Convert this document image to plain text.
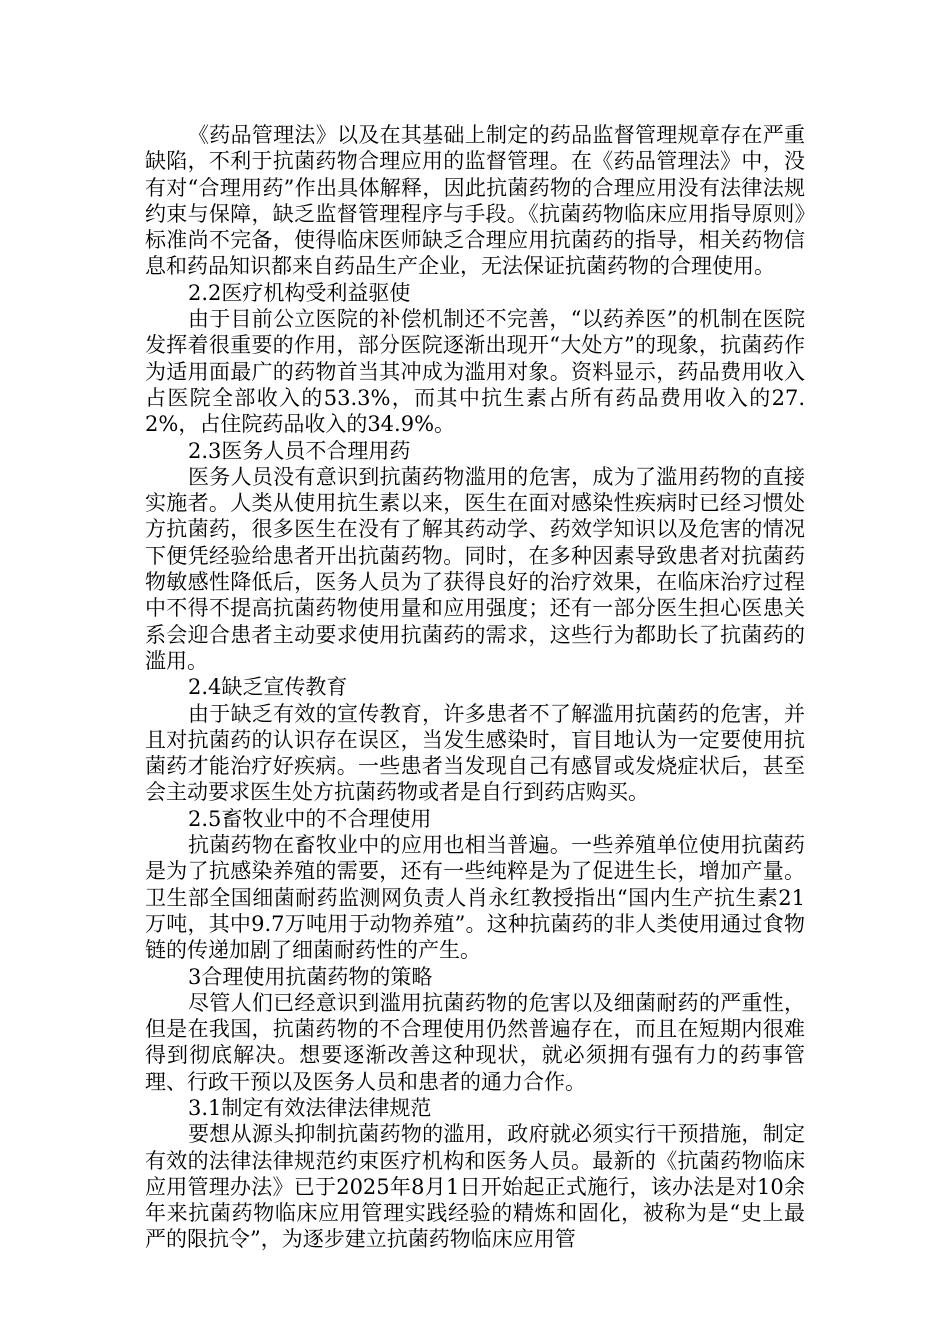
《药品管理法》以及在其基础上制定的药品监督管理规章存在严重缺陷，不利于抗菌药物合理应用的监督管理。在《药品管理法》中，没有对“合理用药”作出具体解释，因此抗菌药物的合理应用没有法律法规约束与保障，缺乏监督管理程序与手段。《抗菌药物临床应用指导原则》标准尚不完备，使得临床医师缺乏合理应用抗菌药的指导，相关药物信息和药品知识都来自药品生产企业，无法保证抗菌药物的合理使用。

2.2医疗机构受利益驱使

由于目前公立医院的补偿机制还不完善，“以药养医”的机制在医院发挥着很重要的作用，部分医院逐渐出现开“大处方”的现象，抗菌药作为适用面最广的药物首当其冲成为滥用对象。资料显示，药品费用收入占医院全部收入的53.3%，而其中抗生素占所有药品费用收入的27.2%，占住院药品收入的34.9%。

2.3医务人员不合理用药

医务人员没有意识到抗菌药物滥用的危害，成为了滥用药物的直接实施者。人类从使用抗生素以来，医生在面对感染性疾病时已经习惯处方抗菌药，很多医生在没有了解其药动学、药效学知识以及危害的情况下便凭经验给患者开出抗菌药物。同时，在多种因素导致患者对抗菌药物敏感性降低后，医务人员为了获得良好的治疗效果，在临床治疗过程中不得不提高抗菌药物使用量和应用强度；还有一部分医生担心医患关系会迎合患者主动要求使用抗菌药的需求，这些行为都助长了抗菌药的滥用。

2.4缺乏宣传教育

由于缺乏有效的宣传教育，许多患者不了解滥用抗菌药的危害，并且对抗菌药的认识存在误区，当发生感染时，盲目地认为一定要使用抗菌药才能治疗好疾病。一些患者当发现自己有感冒或发烧症状后，甚至会主动要求医生处方抗菌药物或者是自行到药店购买。

2.5畜牧业中的不合理使用

抗菌药物在畜牧业中的应用也相当普遍。一些养殖单位使用抗菌药是为了抗感染养殖的需要，还有一些纯粹是为了促进生长，增加产量。卫生部全国细菌耐药监测网负责人肖永红教授指出“国内生产抗生素21万吨，其中9.7万吨用于动物养殖”。这种抗菌药的非人类使用通过食物链的传递加剧了细菌耐药性的产生。

3合理使用抗菌药物的策略

尽管人们已经意识到滥用抗菌药物的危害以及细菌耐药的严重性，但是在我国，抗菌药物的不合理使用仍然普遍存在，而且在短期内很难得到彻底解决。想要逐渐改善这种现状，就必须拥有强有力的药事管理、行政干预以及医务人员和患者的通力合作。

3.1制定有效法律法律规范

要想从源头抑制抗菌药物的滥用，政府就必须实行干预措施，制定有效的法律法律规范约束医疗机构和医务人员。最新的《抗菌药物临床应用管理办法》已于2025年8月1日开始起正式施行，该办法是对10余年来抗菌药物临床应用管理实践经验的精炼和固化，被称为是“史上最严的限抗令”，为逐步建立抗菌药物临床应用管
